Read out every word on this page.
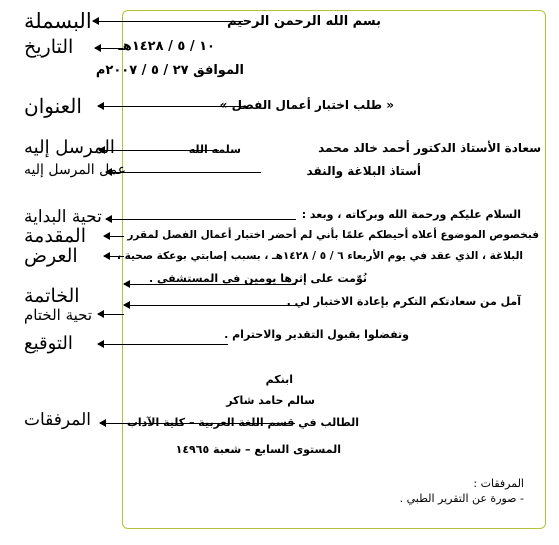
البسملة
التاريخ
العنوان
المرسل إليه
عمل المرسل إليه
تحية البداية
المقدمة
العرض
الخاتمة
تحية الختام
التوقيع
المرفقات
بسم الله الرحمن الرحيم
١٠ / ٥ / ١٤٢٨هـ
الموافق ٢٧ / ٥ / ٢٠٠٧م
« طلب اختبار أعمال الفصل »
سعادة الأستاذ الدكتور أحمد خالد محمد
سلمه الله
أستاذ البلاغة والنقد
السلام عليكم ورحمة الله وبركاته ، وبعد :
فبخصوص الموضوع أعلاه أحيطكم علمًا بأني لم أحضر اختبار أعمال الفصل لمقرر
البلاغة ، الذي عقد في يوم الأربعاء ٦ / ٥ / ١٤٢٨هـ ، بسبب إصابتي بوعكة صحية ،
نُوّمت على إثرها يومين في المستشفى .
آمل من سعادتكم التكرم بإعادة الاختبار لي .
وتفضلوا بقبول التقدير والاحترام .
ابنكم
سالم حامد شاكر
الطالب في قسم اللغة العربية – كلية الآداب
المستوى السابع – شعبة ١٤٩٦٥
المرفقات :
- صورة عن التقرير الطبي .
